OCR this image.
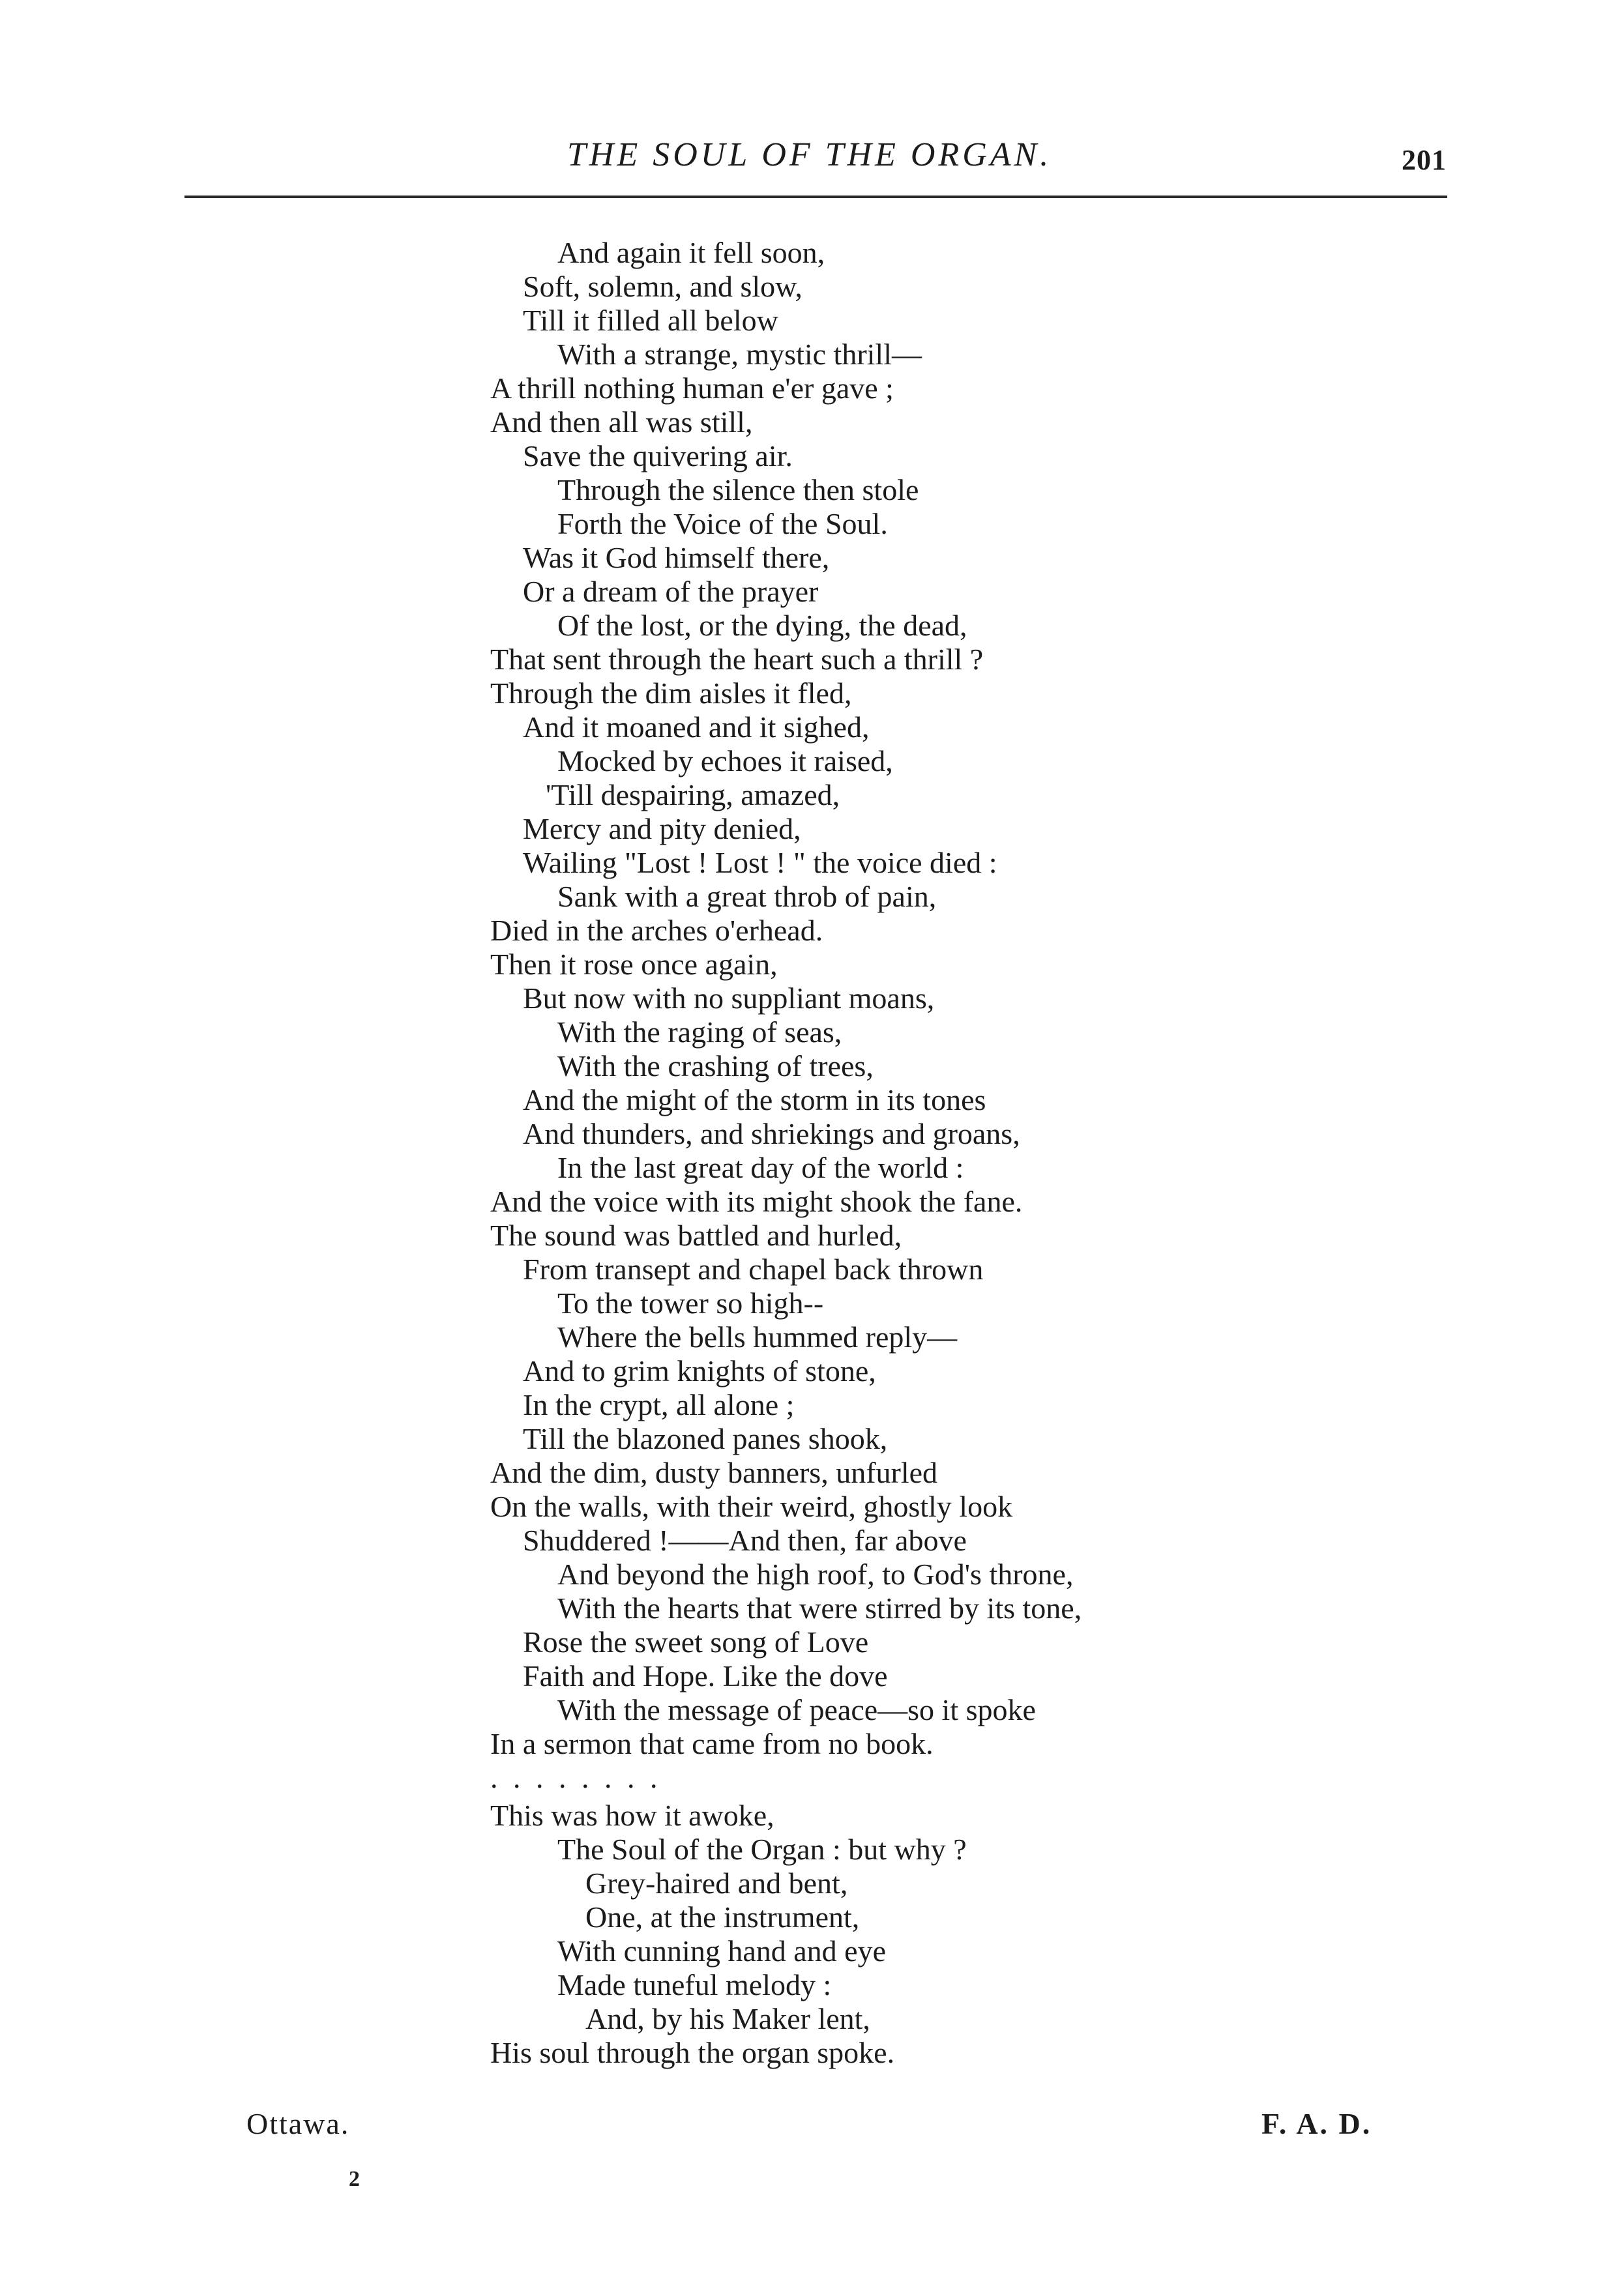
THE SOUL OF THE ORGAN.	201
And again it fell soon,
Soft, solemn, and slow,
Till it filled all below
With a strange, mystic thrill—
A thrill nothing human e'er gave ;
And then all was still,
Save the quivering air.
Through the silence then stole
Forth the Voice of the Soul.
Was it God himself there,
Or a dream of the prayer
Of the lost, or the dying, the dead,
That sent through the heart such a thrill ?
Through the dim aisles it fled,
And it moaned and it sighed,
Mocked by echoes it raised,
'Till despairing, amazed,
Mercy and pity denied,
Wailing "Lost ! Lost ! " the voice died :
Sank with a great throb of pain,
Died in the arches o'erhead.
Then it rose once again,
But now with no suppliant moans,
With the raging of seas,
With the crashing of trees,
And the might of the storm in its tones
And thunders, and shriekings and groans,
In the last great day of the world :
And the voice with its might shook the fane.
The sound was battled and hurled,
From transept and chapel back thrown
To the tower so high--
Where the bells hummed reply—
And to grim knights of stone,
In the crypt, all alone ;
Till the blazoned panes shook,
And the dim, dusty banners, unfurled
On the walls, with their weird, ghostly look
Shuddered !——And then, far above
And beyond the high roof, to God's throne,
With the hearts that were stirred by its tone,
Rose the sweet song of Love
Faith and Hope. Like the dove
With the message of peace—so it spoke
In a sermon that came from no book.
. . . . . . . .
This was how it awoke,
The Soul of the Organ : but why ?
Grey-haired and bent,
One, at the instrument,
With cunning hand and eye
Made tuneful melody :
And, by his Maker lent,
His soul through the organ spoke.
Ottawa.	F. A. D.
2
